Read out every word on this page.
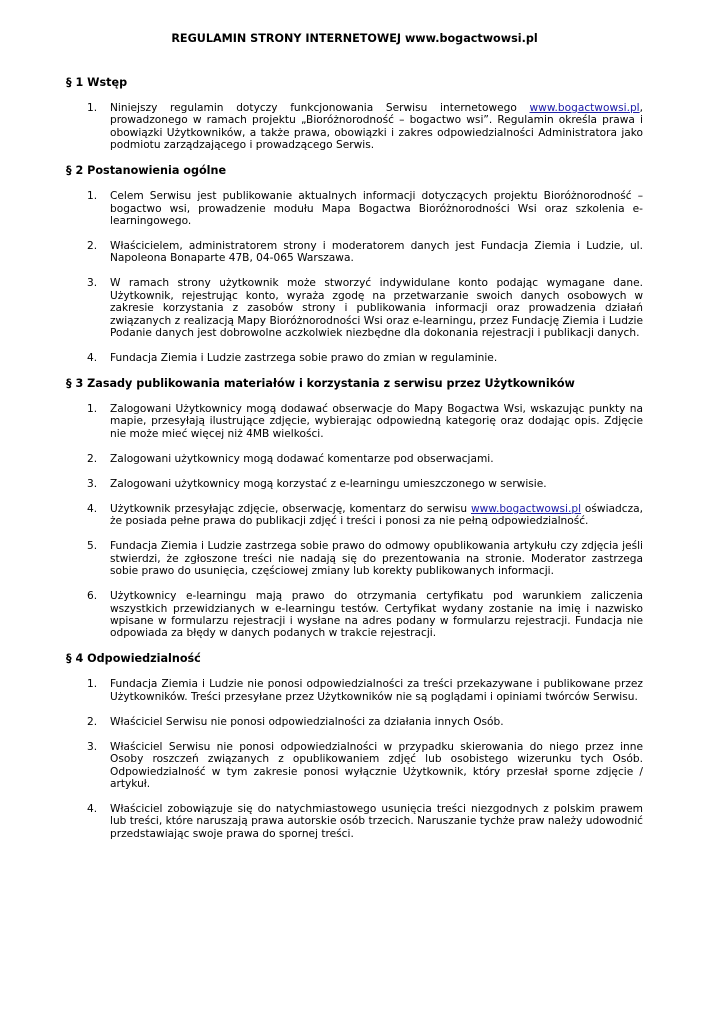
REGULAMIN STRONY INTERNETOWEJ www.bogactwowsi.pl
§ 1 Wstęp
1. Niniejszy regulamin dotyczy funkcjonowania Serwisu internetowego www.bogactwowsi.pl, prowadzonego w ramach projektu „Bioróżnorodność – bogactwo wsi”. Regulamin określa prawa i obowiązki Użytkowników, a także prawa, obowiązki i zakres odpowiedzialności Administratora jako podmiotu zarządzającego i prowadzącego Serwis.
§ 2 Postanowienia ogólne
1. Celem Serwisu jest publikowanie aktualnych informacji dotyczących projektu Bioróżnorodność – bogactwo wsi, prowadzenie modułu Mapa Bogactwa Bioróżnorodności Wsi oraz szkolenia e-learningowego.
2. Właścicielem, administratorem strony i moderatorem danych jest Fundacja Ziemia i Ludzie, ul. Napoleona Bonaparte 47B, 04-065 Warszawa.
3. W ramach strony użytkownik może stworzyć indywidulane konto podając wymagane dane. Użytkownik, rejestrując konto, wyraża zgodę na przetwarzanie swoich danych osobowych w zakresie korzystania z zasobów strony i publikowania informacji oraz prowadzenia działań związanych z realizacją Mapy Bioróżnorodności Wsi oraz e-learningu, przez Fundację Ziemia i Ludzie Podanie danych jest dobrowolne aczkolwiek niezbędne dla dokonania rejestracji i publikacji danych.
4. Fundacja Ziemia i Ludzie zastrzega sobie prawo do zmian w regulaminie.
§ 3 Zasady publikowania materiałów i korzystania z serwisu przez Użytkowników
1. Zalogowani Użytkownicy mogą dodawać obserwacje do Mapy Bogactwa Wsi, wskazując punkty na mapie, przesyłają ilustrujące zdjęcie, wybierając odpowiedną kategorię oraz dodając opis. Zdjęcie nie może mieć więcej niż 4MB wielkości.
2. Zalogowani użytkownicy mogą dodawać komentarze pod obserwacjami.
3. Zalogowani użytkownicy mogą korzystać z e-learningu umieszczonego w serwisie.
4. Użytkownik przesyłając zdjęcie, obserwację, komentarz do serwisu www.bogactwowsi.pl oświadcza, że posiada pełne prawa do publikacji zdjęć i treści i ponosi za nie pełną odpowiedzialność.
5. Fundacja Ziemia i Ludzie zastrzega sobie prawo do odmowy opublikowania artykułu czy zdjęcia jeśli stwierdzi, że zgłoszone treści nie nadają się do prezentowania na stronie. Moderator zastrzega sobie prawo do usunięcia, częściowej zmiany lub korekty publikowanych informacji.
6. Użytkownicy e-learningu mają prawo do otrzymania certyfikatu pod warunkiem zaliczenia wszystkich przewidzianych w e-learningu testów. Certyfikat wydany zostanie na imię i nazwisko wpisane w formularzu rejestracji i wysłane na adres podany w formularzu rejestracji. Fundacja nie odpowiada za błędy w danych podanych w trakcie rejestracji.
§ 4 Odpowiedzialność
1. Fundacja Ziemia i Ludzie nie ponosi odpowiedzialności za treści przekazywane i publikowane przez Użytkowników. Treści przesyłane przez Użytkowników nie są poglądami i opiniami twórców Serwisu.
2. Właściciel Serwisu nie ponosi odpowiedzialności za działania innych Osób.
3. Właściciel Serwisu nie ponosi odpowiedzialności w przypadku skierowania do niego przez inne Osoby roszczeń związanych z opublikowaniem zdjęć lub osobistego wizerunku tych Osób. Odpowiedzialność w tym zakresie ponosi wyłącznie Użytkownik, który przesłał sporne zdjęcie / artykuł.
4. Właściciel zobowiązuje się do natychmiastowego usunięcia treści niezgodnych z polskim prawem lub treści, które naruszają prawa autorskie osób trzecich. Naruszanie tychże praw należy udowodnić przedstawiając swoje prawa do spornej treści.
